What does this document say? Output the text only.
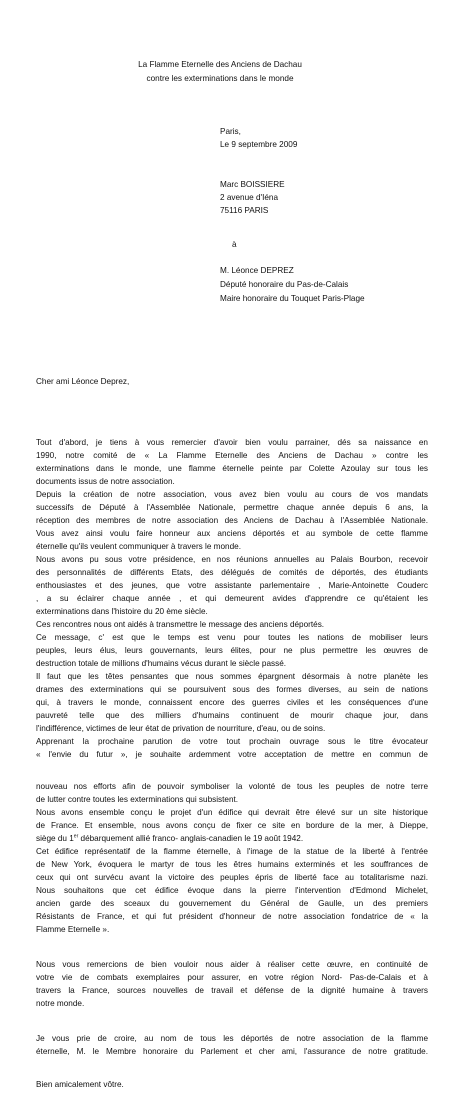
La Flamme Eternelle des Anciens de Dachau
contre les exterminations dans le monde
Paris,
Le 9 septembre 2009
Marc BOISSIERE
2 avenue d'Iéna
75116 PARIS
à
M. Léonce DEPREZ
Député honoraire du Pas-de-Calais
Maire honoraire du Touquet Paris-Plage
Cher ami Léonce Deprez,
Tout d'abord, je tiens à vous remercier d'avoir bien voulu parrainer, dés sa naissance en
1990, notre comité de « La Flamme Eternelle des Anciens de Dachau » contre les
exterminations dans le monde, une flamme éternelle peinte par Colette Azoulay sur tous les
documents issus de notre association.
Depuis la création de notre association, vous avez bien voulu au cours de vos mandats
successifs de Député à l'Assemblée Nationale, permettre chaque année depuis 6 ans, la
réception des membres de notre association des Anciens de Dachau à l'Assemblée Nationale.
Vous avez ainsi voulu faire honneur aux anciens déportés et au symbole de cette flamme
éternelle qu'ils veulent communiquer à travers le monde.
Nous avons pu sous votre présidence, en nos réunions annuelles au Palais Bourbon, recevoir
des personnalités de différents Etats, des délégués de comités de déportés, des étudiants
enthousiastes et des jeunes, que votre assistante parlementaire , Marie-Antoinette Couderc
, a su éclairer chaque année , et qui demeurent avides d'apprendre ce qu'étaient les
exterminations dans l'histoire du 20 ème siècle.
Ces rencontres nous ont aidés à transmettre le message des anciens déportés.
Ce message, c' est que le temps est venu pour toutes les nations de mobiliser leurs
peuples, leurs élus, leurs gouvernants, leurs élites, pour ne plus permettre les œuvres de
destruction totale de millions d'humains vécus durant le siècle passé.
Il faut que les têtes pensantes que nous sommes épargnent désormais à notre planète les
drames des exterminations qui se poursuivent sous des formes diverses, au sein de nations
qui, à travers le monde, connaissent encore des guerres civiles et les conséquences d'une
pauvreté telle que des milliers d'humains continuent de mourir chaque jour, dans
l'indifférence, victimes de leur état de privation de nourriture, d'eau, ou de soins.
Apprenant la prochaine parution de votre tout prochain ouvrage sous le titre évocateur
« l'envie du futur », je souhaite ardemment votre acceptation de mettre en commun de
nouveau nos efforts afin de pouvoir symboliser la volonté de tous les peuples de notre terre
de lutter contre toutes les exterminations qui subsistent.
Nous avons ensemble conçu le projet d'un édifice qui devrait être élevé sur un site historique
de France. Et ensemble, nous avons conçu de fixer ce site en bordure de la mer, à Dieppe,
siège du 1er débarquement allié franco- anglais-canadien le 19 août 1942.
Cet édifice représentatif de la flamme éternelle, à l'image de la statue de la liberté à l'entrée
de New York, évoquera le martyr de tous les êtres humains exterminés et les souffrances de
ceux qui ont survécu avant la victoire des peuples épris de liberté face au totalitarisme nazi.
Nous souhaitons que cet édifice évoque dans la pierre l'intervention d'Edmond Michelet,
ancien garde des sceaux du gouvernement du Général de Gaulle, un des premiers
Résistants de France, et qui fut président d'honneur de notre association fondatrice de « la
Flamme Eternelle ».
Nous vous remercions de bien vouloir nous aider à réaliser cette œuvre, en continuité de
votre vie de combats exemplaires pour assurer, en votre région Nord- Pas-de-Calais et à
travers la France, sources nouvelles de travail et défense de la dignité humaine à travers
notre monde.
Je vous prie de croire, au nom de tous les déportés de notre association de la flamme
éternelle, M. le Membre honoraire du Parlement et cher ami, l'assurance de notre gratitude.
Bien amicalement vôtre.
